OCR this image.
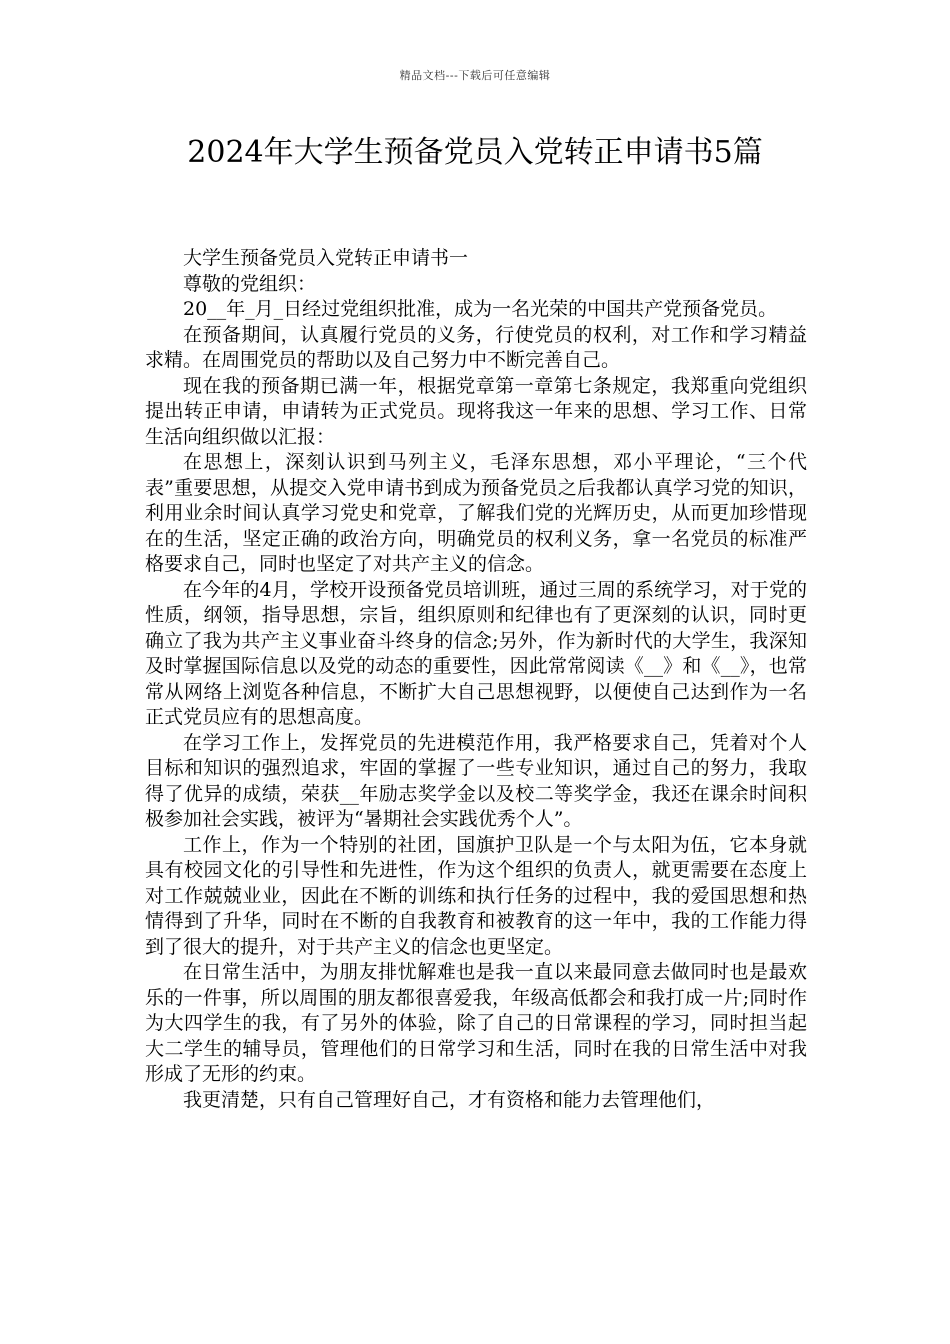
精品文档---下载后可任意编辑
2024年大学生预备党员入党转正申请书5篇

大学生预备党员入党转正申请书一

尊敬的党组织：

20__年_月_日经过党组织批准，成为一名光荣的中国共产党预备党员。

在预备期间，认真履行党员的义务，行使党员的权利，对工作和学习精益求精。在周围党员的帮助以及自己努力中不断完善自己。

现在我的预备期已满一年，根据党章第一章第七条规定，我郑重向党组织提出转正申请，申请转为正式党员。现将我这一年来的思想、学习工作、日常生活向组织做以汇报：

在思想上，深刻认识到马列主义，毛泽东思想，邓小平理论，“三个代表”重要思想，从提交入党申请书到成为预备党员之后我都认真学习党的知识，利用业余时间认真学习党史和党章，了解我们党的光辉历史，从而更加珍惜现在的生活，坚定正确的政治方向，明确党员的权利义务，拿一名党员的标准严格要求自己，同时也坚定了对共产主义的信念。

在今年的4月，学校开设预备党员培训班，通过三周的系统学习，对于党的性质，纲领，指导思想，宗旨，组织原则和纪律也有了更深刻的认识，同时更确立了我为共产主义事业奋斗终身的信念;另外，作为新时代的大学生，我深知及时掌握国际信息以及党的动态的重要性，因此常常阅读《__》和《__》，也常常从网络上浏览各种信息，不断扩大自己思想视野，以便使自己达到作为一名正式党员应有的思想高度。

在学习工作上，发挥党员的先进模范作用，我严格要求自己，凭着对个人目标和知识的强烈追求，牢固的掌握了一些专业知识，通过自己的努力，我取得了优异的成绩，荣获__年励志奖学金以及校二等奖学金，我还在课余时间积极参加社会实践，被评为“暑期社会实践优秀个人”。

工作上，作为一个特别的社团，国旗护卫队是一个与太阳为伍，它本身就具有校园文化的引导性和先进性，作为这个组织的负责人，就更需要在态度上对工作兢兢业业，因此在不断的训练和执行任务的过程中，我的爱国思想和热情得到了升华，同时在不断的自我教育和被教育的这一年中，我的工作能力得到了很大的提升，对于共产主义的信念也更坚定。

在日常生活中，为朋友排忧解难也是我一直以来最同意去做同时也是最欢乐的一件事，所以周围的朋友都很喜爱我，年级高低都会和我打成一片;同时作为大四学生的我，有了另外的体验，除了自己的日常课程的学习，同时担当起大二学生的辅导员，管理他们的日常学习和生活，同时在我的日常生活中对我形成了无形的约束。

我更清楚，只有自己管理好自己，才有资格和能力去管理他们，
